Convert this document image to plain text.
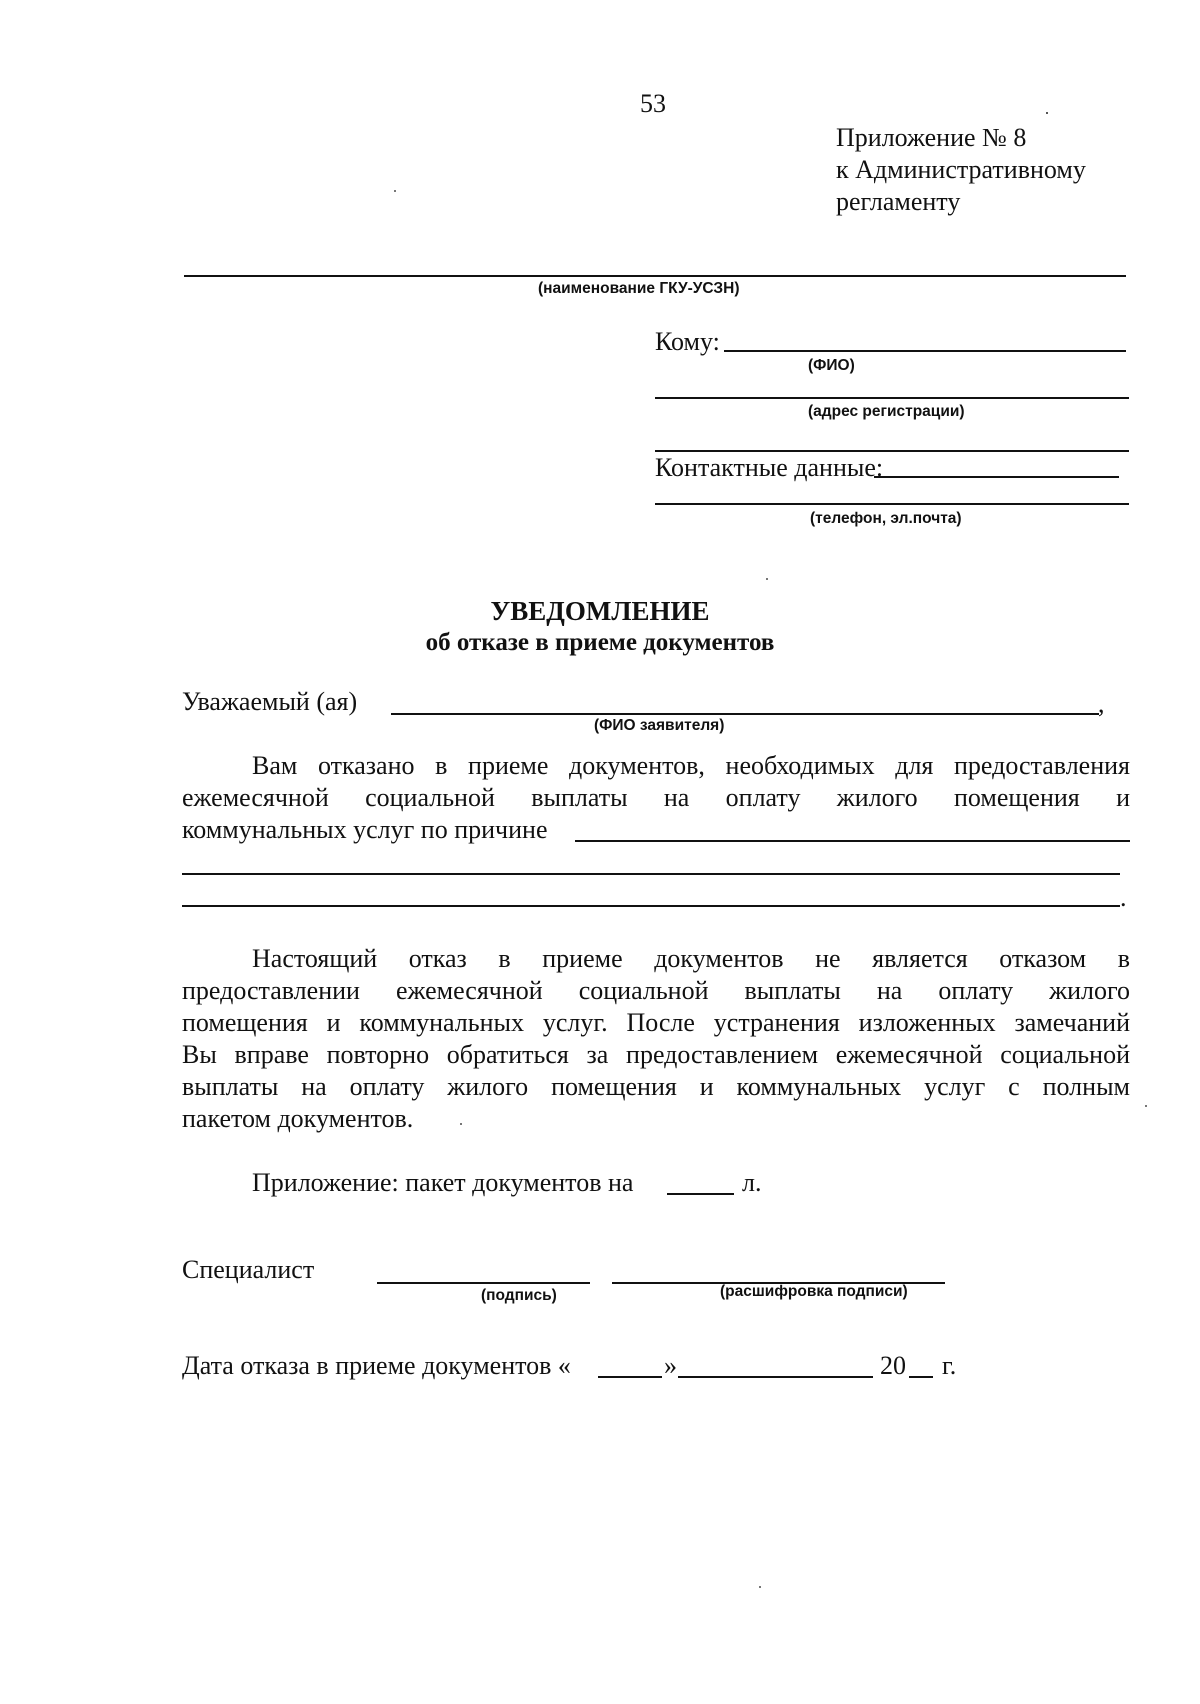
53
Приложение № 8
к Административному
регламенту
(наименование ГКУ-УСЗН)
Кому:
(ФИО)
(адрес регистрации)
Контактные данные:
(телефон, эл.почта)
УВЕДОМЛЕНИЕ
об отказе в приеме документов
Уважаемый (ая)	,
(ФИО заявителя)
Вам отказано в приеме документов, необходимых для предоставления
ежемесячной социальной выплаты на оплату жилого помещения и
коммунальных услуг по причине
.
Настоящий отказ в приеме документов не является отказом в
предоставлении ежемесячной социальной выплаты на оплату жилого
помещения и коммунальных услуг. После устранения изложенных замечаний
Вы вправе повторно обратиться за предоставлением ежемесячной социальной
выплаты на оплату жилого помещения и коммунальных услуг с полным
пакетом документов.
Приложение: пакет документов на	л.
Специалист
(подпись)	(расшифровка подписи)
Дата отказа в приеме документов «	»	20 г.
